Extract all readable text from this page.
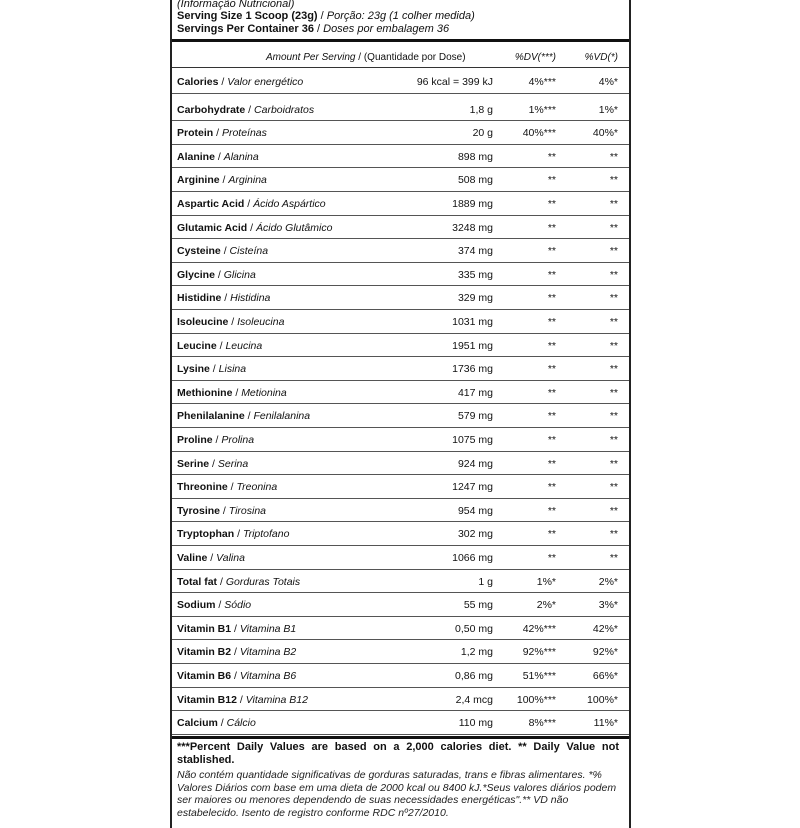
(Informação Nutricional)
Serving Size 1 Scoop (23g) / Porção: 23g (1 colher medida)
Servings Per Container 36 / Doses por embalagem 36
Amount Per Serving / (Quantidade por Dose)	%DV(***)	%VD(*)
Calories / Valor energético	96 kcal = 399 kJ	4%***	4%*
Carbohydrate / Carboidratos	1,8 g	1%***	1%*
Protein / Proteínas	20 g	40%***	40%*
Alanine / Alanina	898 mg	**	**
Arginine / Arginina	508 mg	**	**
Aspartic Acid / Ácido Aspártico	1889 mg	**	**
Glutamic Acid / Ácido Glutâmico	3248 mg	**	**
Cysteine / Cisteína	374 mg	**	**
Glycine / Glicina	335 mg	**	**
Histidine / Histidina	329 mg	**	**
Isoleucine / Isoleucina	1031 mg	**	**
Leucine / Leucina	1951 mg	**	**
Lysine / Lisina	1736 mg	**	**
Methionine / Metionina	417 mg	**	**
Phenilalanine / Fenilalanina	579 mg	**	**
Proline / Prolina	1075 mg	**	**
Serine / Serina	924 mg	**	**
Threonine / Treonina	1247 mg	**	**
Tyrosine / Tirosina	954 mg	**	**
Tryptophan / Triptofano	302 mg	**	**
Valine / Valina	1066 mg	**	**
Total fat / Gorduras Totais	1 g	1%*	2%*
Sodium / Sódio	55 mg	2%*	3%*
Vitamin B1 / Vitamina B1	0,50 mg	42%***	42%*
Vitamin B2 / Vitamina B2	1,2 mg	92%***	92%*
Vitamin B6 / Vitamina B6	0,86 mg	51%***	66%*
Vitamin B12 / Vitamina B12	2,4 mcg 100%***	100%*
Calcium / Cálcio	110 mg	8%***	11%*
***Percent Daily Values are based on a 2,000 calories diet. ** Daily Value not stablished.
Não contém quantidade significativas de gorduras saturadas, trans e fibras alimentares. *% Valores Diários com base em uma dieta de 2000 kcal ou 8400 kJ.*Seus valores diários podem ser maiores ou menores dependendo de suas necessidades energéticas".** VD não estabelecido. Isento de registro conforme RDC nº27/2010.
